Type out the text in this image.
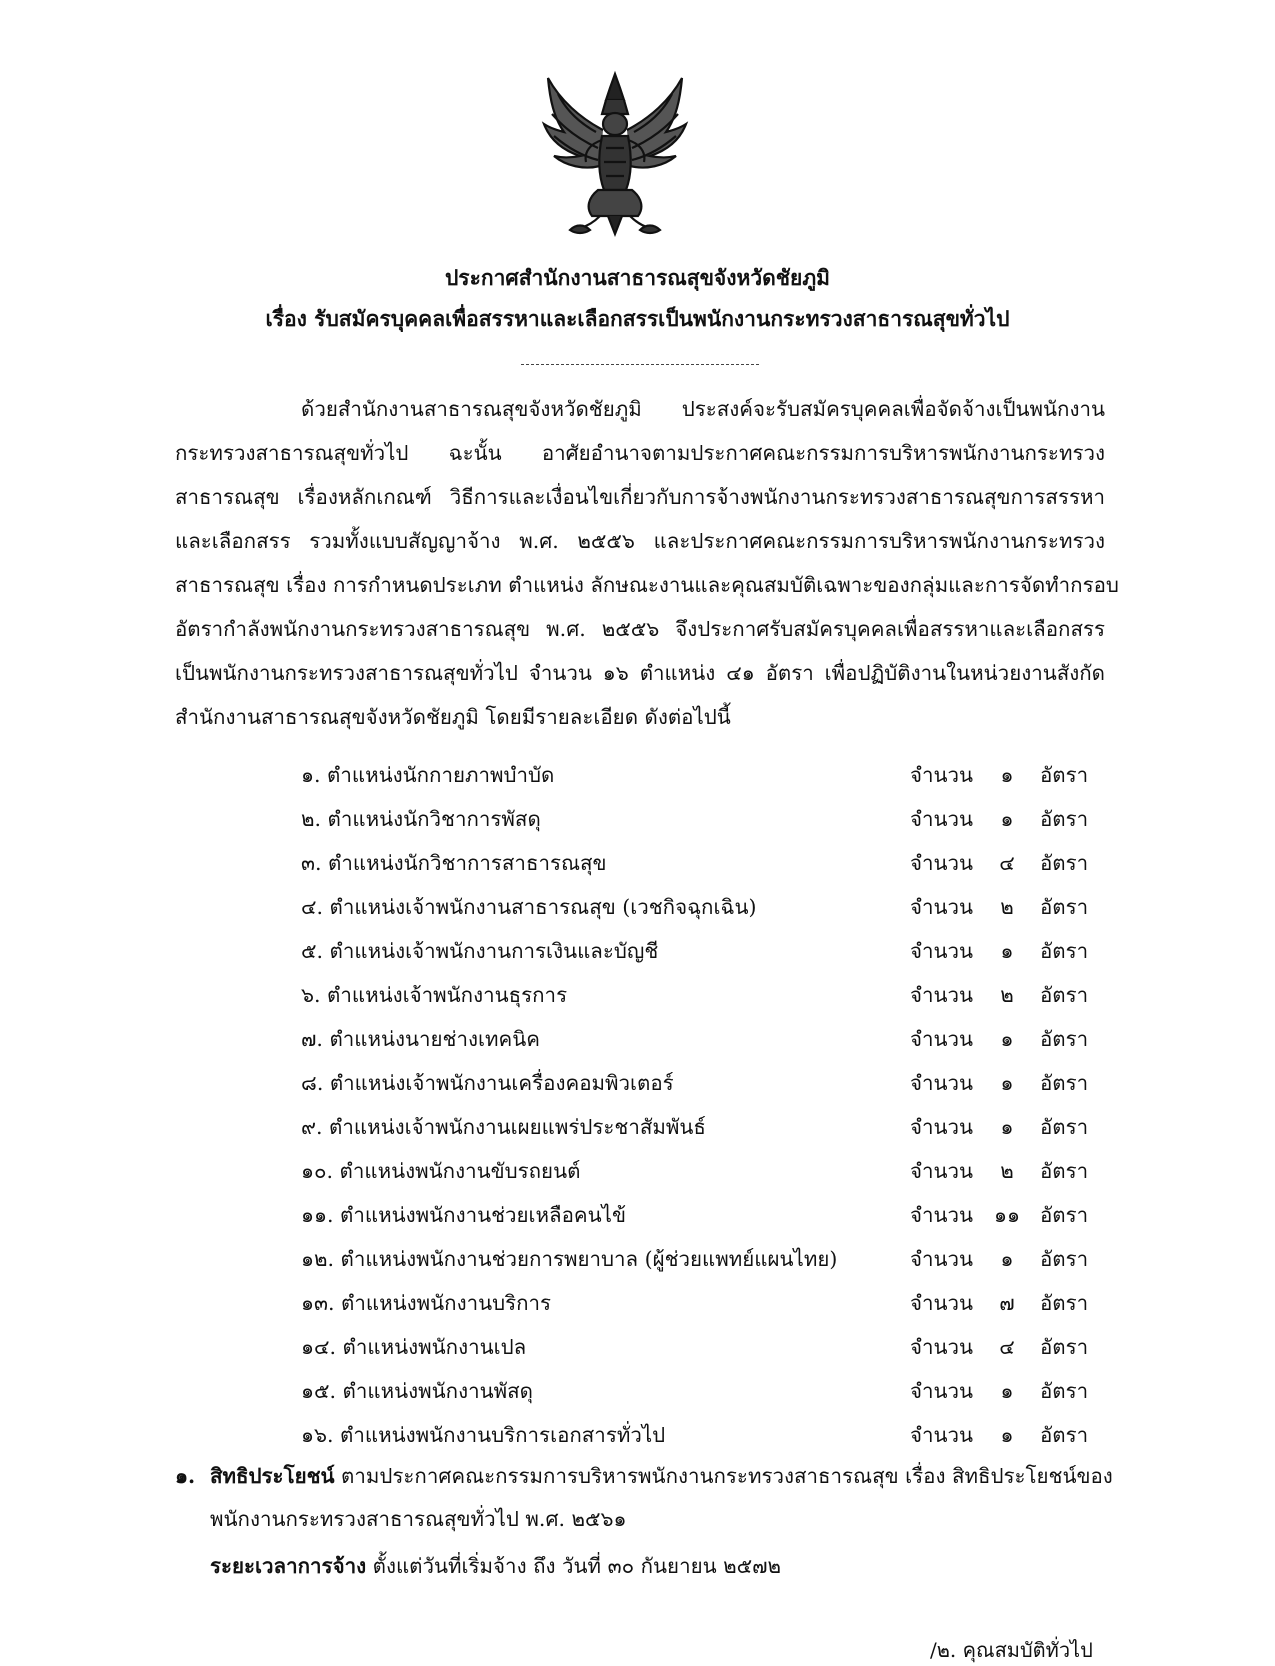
ประกาศสำนักงานสาธารณสุขจังหวัดชัยภูมิ
เรื่อง รับสมัครบุคคลเพื่อสรรหาและเลือกสรรเป็นพนักงานกระทรวงสาธารณสุขทั่วไป
ด้วยสำนักงานสาธารณสุขจังหวัดชัยภูมิ ประสงค์จะรับสมัครบุคคลเพื่อจัดจ้างเป็นพนักงาน
กระทรวงสาธารณสุขทั่วไป ฉะนั้น อาศัยอำนาจตามประกาศคณะกรรมการบริหารพนักงานกระทรวง
สาธารณสุข เรื่องหลักเกณฑ์ วิธีการและเงื่อนไขเกี่ยวกับการจ้างพนักงานกระทรวงสาธารณสุขการสรรหา
และเลือกสรร รวมทั้งแบบสัญญาจ้าง พ.ศ. ๒๕๕๖ และประกาศคณะกรรมการบริหารพนักงานกระทรวง
สาธารณสุข เรื่อง การกำหนดประเภท ตำแหน่ง ลักษณะงานและคุณสมบัติเฉพาะของกลุ่มและการจัดทำกรอบ
อัตรากำลังพนักงานกระทรวงสาธารณสุข พ.ศ. ๒๕๕๖ จึงประกาศรับสมัครบุคคลเพื่อสรรหาและเลือกสรร
เป็นพนักงานกระทรวงสาธารณสุขทั่วไป จำนวน ๑๖ ตำแหน่ง ๔๑ อัตรา เพื่อปฏิบัติงานในหน่วยงานสังกัด
สำนักงานสาธารณสุขจังหวัดชัยภูมิ โดยมีรายละเอียด ดังต่อไปนี้
๑. ตำแหน่งนักกายภาพบำบัด	จำนวน	๑	อัตรา
๒. ตำแหน่งนักวิชาการพัสดุ	จำนวน	๑	อัตรา
๓. ตำแหน่งนักวิชาการสาธารณสุข	จำนวน	๔	อัตรา
๔. ตำแหน่งเจ้าพนักงานสาธารณสุข (เวชกิจฉุกเฉิน)	จำนวน	๒	อัตรา
๕. ตำแหน่งเจ้าพนักงานการเงินและบัญชี	จำนวน	๑	อัตรา
๖. ตำแหน่งเจ้าพนักงานธุรการ	จำนวน	๒	อัตรา
๗. ตำแหน่งนายช่างเทคนิค	จำนวน	๑	อัตรา
๘. ตำแหน่งเจ้าพนักงานเครื่องคอมพิวเตอร์	จำนวน	๑	อัตรา
๙. ตำแหน่งเจ้าพนักงานเผยแพร่ประชาสัมพันธ์	จำนวน	๑	อัตรา
๑๐. ตำแหน่งพนักงานขับรถยนต์	จำนวน	๒	อัตรา
๑๑. ตำแหน่งพนักงานช่วยเหลือคนไข้	จำนวน	๑๑ อัตรา
๑๒. ตำแหน่งพนักงานช่วยการพยาบาล (ผู้ช่วยแพทย์แผนไทย)	จำนวน	๑	อัตรา
๑๓. ตำแหน่งพนักงานบริการ	จำนวน	๗	อัตรา
๑๔. ตำแหน่งพนักงานเปล	จำนวน	๔	อัตรา
๑๕. ตำแหน่งพนักงานพัสดุ	จำนวน	๑	อัตรา
๑๖. ตำแหน่งพนักงานบริการเอกสารทั่วไป	จำนวน	๑	อัตรา
๑. สิทธิประโยชน์ ตามประกาศคณะกรรมการบริหารพนักงานกระทรวงสาธารณสุข เรื่อง สิทธิประโยชน์ของ
พนักงานกระทรวงสาธารณสุขทั่วไป พ.ศ. ๒๕๖๑
ระยะเวลาการจ้าง ตั้งแต่วันที่เริ่มจ้าง ถึง วันที่ ๓๐ กันยายน ๒๕๗๒
/๒. คุณสมบัติทั่วไป
